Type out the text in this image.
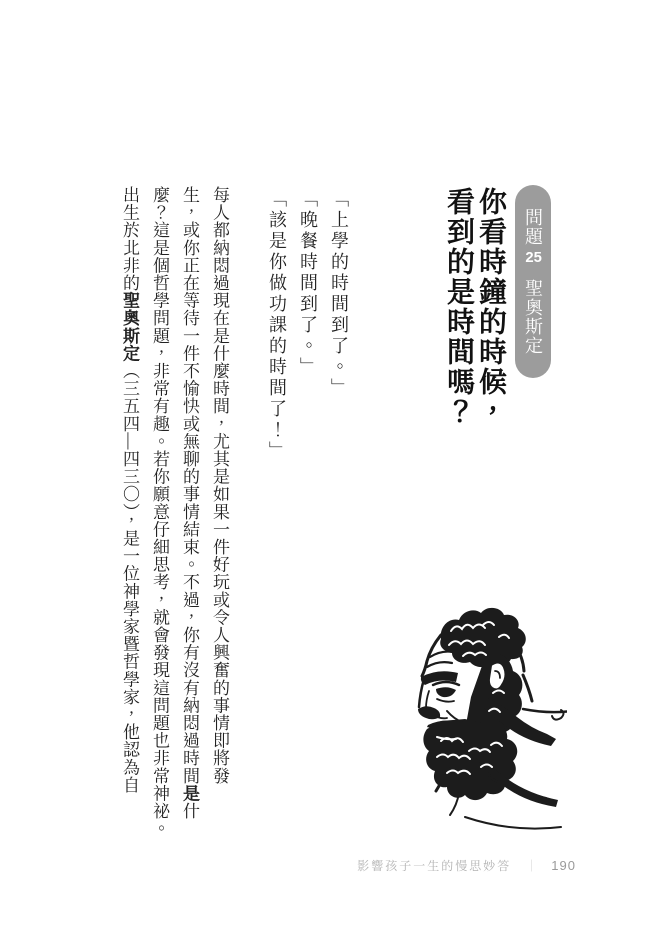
問題25聖奧斯定
你看時鐘的時候，
看到的是時間嗎？
「上學的時間到了。」
「晚餐時間到了。」
「該是你做功課的時間了！」
每人都納悶過現在是什麼時間，尤其是如果一件好玩或令人興奮的事情即將發
生，或你正在等待一件不愉快或無聊的事情結束。不過，你有沒有納悶過時間是什
麼？這是個哲學問題，非常有趣。若你願意仔細思考，就會發現這問題也非常神祕。
出生於北非的聖奧斯定（三五四—四三〇），是一位神學家暨哲學家，他認為自
影響孩子一生的慢思妙答 ｜ 190
